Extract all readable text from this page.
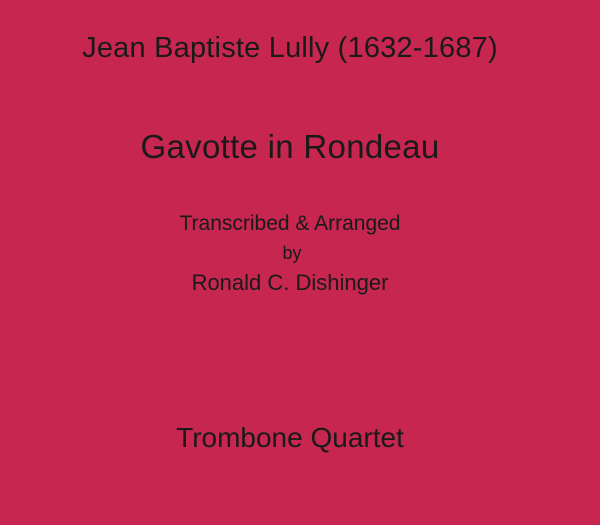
Jean Baptiste Lully (1632-1687)
Gavotte in Rondeau
Transcribed & Arranged
by
Ronald C. Dishinger
Trombone Quartet
